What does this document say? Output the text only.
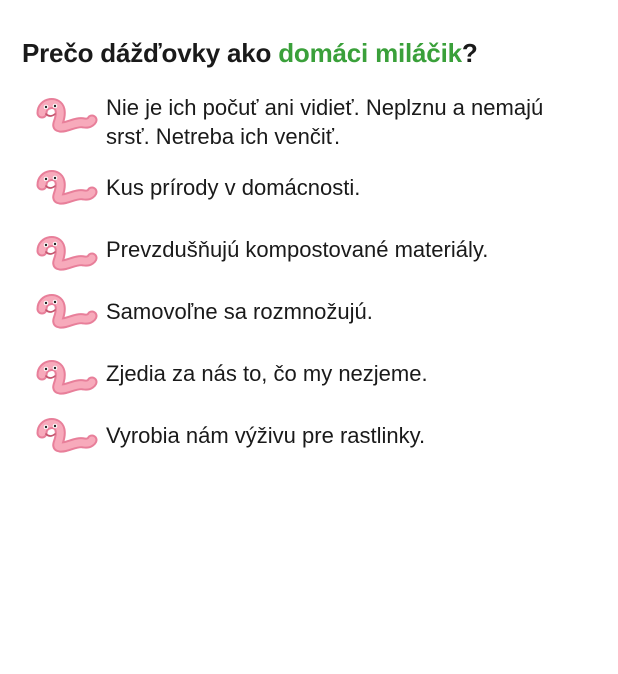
Prečo dážďovky ako domáci miláčik?
Nie je ich počuť ani vidieť. Neplznu a nemajú srsť. Netreba ich venčiť.
Kus prírody v domácnosti.
Prevzdušňujú kompostované materiály.
Samovoľne sa rozmnožujú.
Zjedia za nás to, čo my nezjeme.
Vyrobia nám výživu pre rastlinky.
